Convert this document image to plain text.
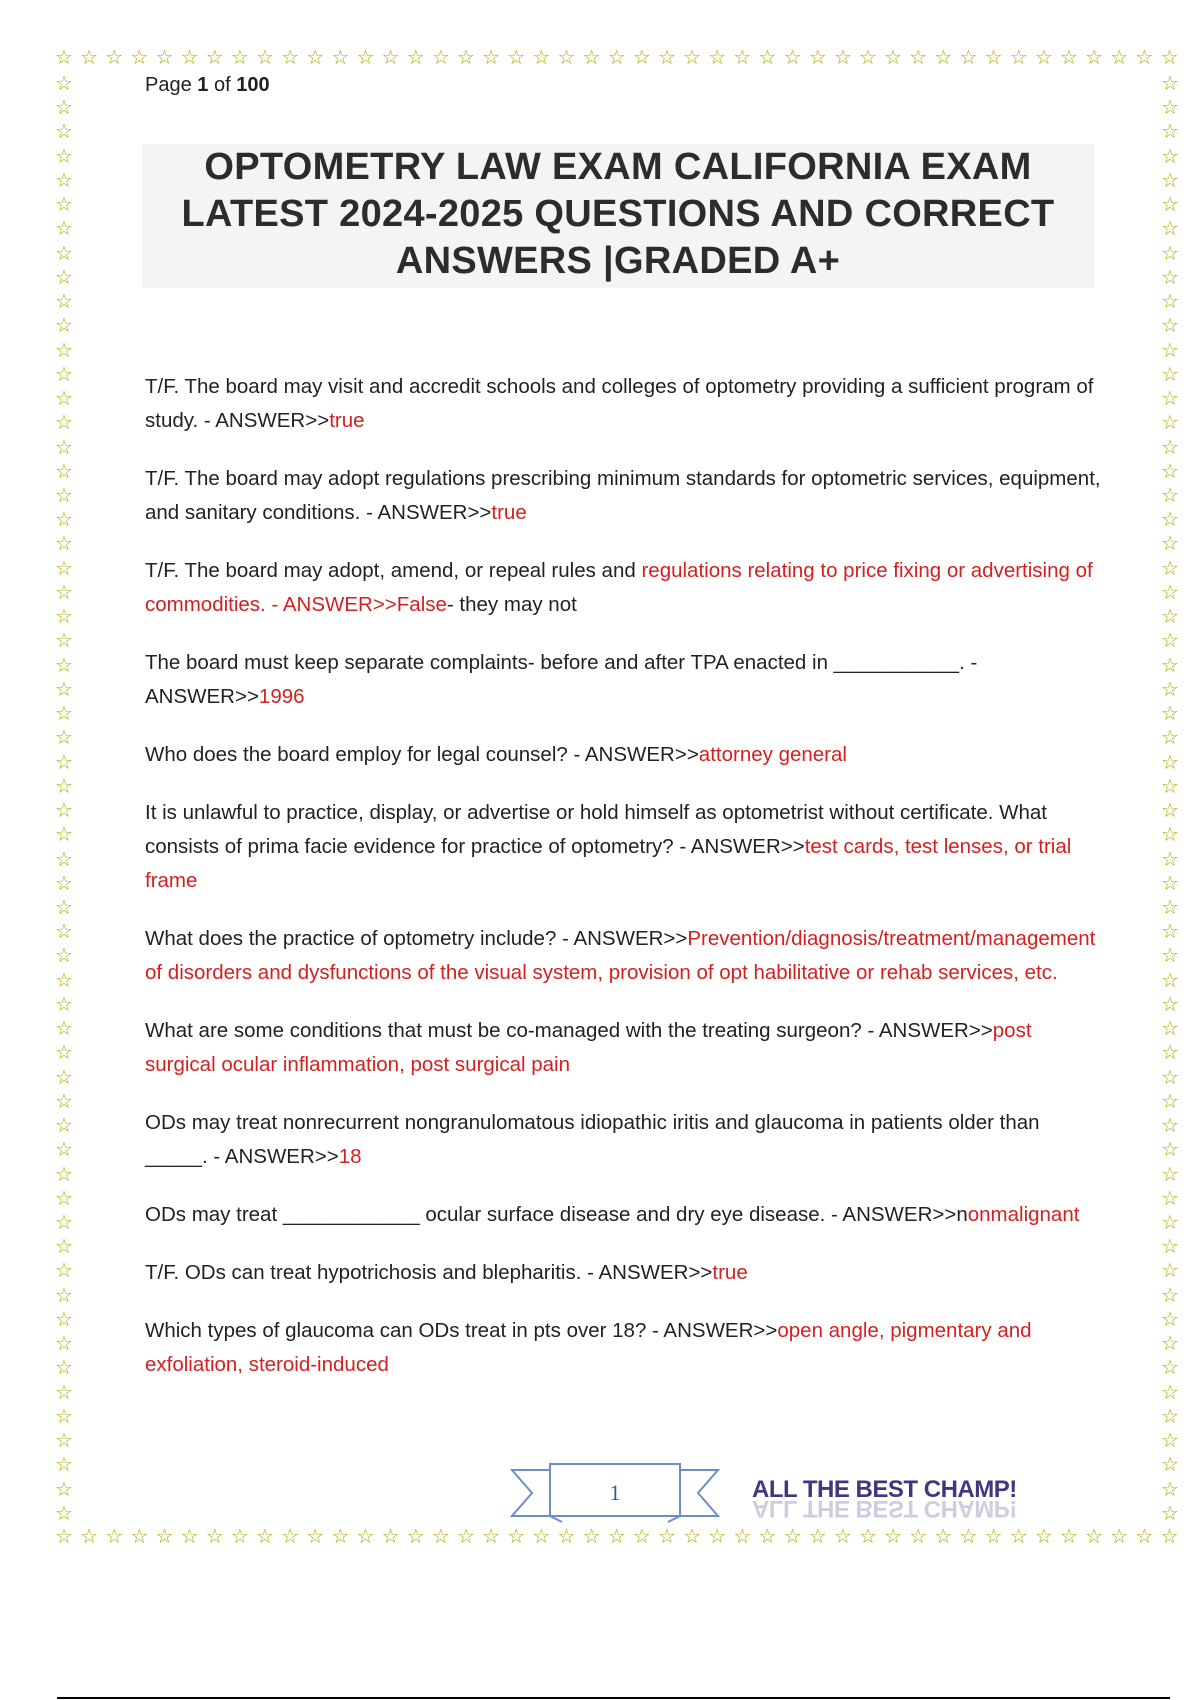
☆ ☆ ☆ ☆ ☆ ☆ ☆ ☆ ☆ ☆ ☆ ☆ ☆ ☆ ☆ ☆ ☆ ☆ ☆ ☆ ☆ ☆ ☆ ☆ ☆ ☆ ☆ ☆ ☆ ☆ ☆ ☆ ☆ ☆ ☆ ☆ ☆ ☆ ☆ ☆ ☆ ☆ ☆ ☆ ☆
☆ ☆ ☆ ☆ ☆ ☆ ☆ ☆ ☆ ☆ ☆ ☆ ☆ ☆ ☆ ☆ ☆ ☆ ☆ ☆ ☆ ☆ ☆ ☆ ☆ ☆ ☆ ☆ ☆ ☆ ☆ ☆ ☆ ☆ ☆ ☆ ☆ ☆ ☆ ☆ ☆ ☆ ☆ ☆ ☆
☆
☆
☆
☆
☆
☆
☆
☆
☆
☆
☆
☆
☆
☆
☆
☆
☆
☆
☆
☆
☆
☆
☆
☆
☆
☆
☆
☆
☆
☆
☆
☆
☆
☆
☆
☆
☆
☆
☆
☆
☆
☆
☆
☆
☆
☆
☆
☆
☆
☆
☆
☆
☆
☆
☆
☆
☆
☆
☆
☆
☆
☆
☆
☆
☆
☆
☆
☆
☆
☆
☆
☆
☆
☆
☆
☆
☆
☆
☆
☆
☆
☆
☆
☆
☆
☆
☆
☆
☆
☆
☆
☆
☆
☆
☆
☆
☆
☆
☆
☆
☆
☆
☆
☆
☆
☆
☆
☆
☆
☆
☆
☆
☆
☆
☆
☆
☆
☆
☆
☆
Page 1 of 100
OPTOMETRY LAW EXAM CALIFORNIA EXAM
LATEST 2024-2025 QUESTIONS AND CORRECT
ANSWERS |GRADED A+

T/F. The board may visit and accredit schools and colleges of optometry providing a sufficient program of study. - ANSWER>>true

T/F. The board may adopt regulations prescribing minimum standards for optometric services, equipment, and sanitary conditions. - ANSWER>>true

T/F. The board may adopt, amend, or repeal rules and regulations relating to price fixing or advertising of commodities. - ANSWER>>False- they may not

The board must keep separate complaints- before and after TPA enacted in ___________. - ANSWER>>1996

Who does the board employ for legal counsel? - ANSWER>>attorney general

It is unlawful to practice, display, or advertise or hold himself as optometrist without certificate. What consists of prima facie evidence for practice of optometry? - ANSWER>>test cards, test lenses, or trial frame

What does the practice of optometry include? - ANSWER>>Prevention/diagnosis/treatment/management of disorders and dysfunctions of the visual system, provision of opt habilitative or rehab services, etc.

What are some conditions that must be co-managed with the treating surgeon? - ANSWER>>post surgical ocular inflammation, post surgical pain

ODs may treat nonrecurrent nongranulomatous idiopathic iritis and glaucoma in patients older than _____. - ANSWER>>18

ODs may treat ____________ ocular surface disease and dry eye disease. - ANSWER>>nonmalignant

T/F. ODs can treat hypotrichosis and blepharitis. - ANSWER>>true

Which types of glaucoma can ODs treat in pts over 18? - ANSWER>>open angle, pigmentary and exfoliation, steroid-induced

1	ALL THE BEST CHAMP!
ALL THE BEST CHAMP!
